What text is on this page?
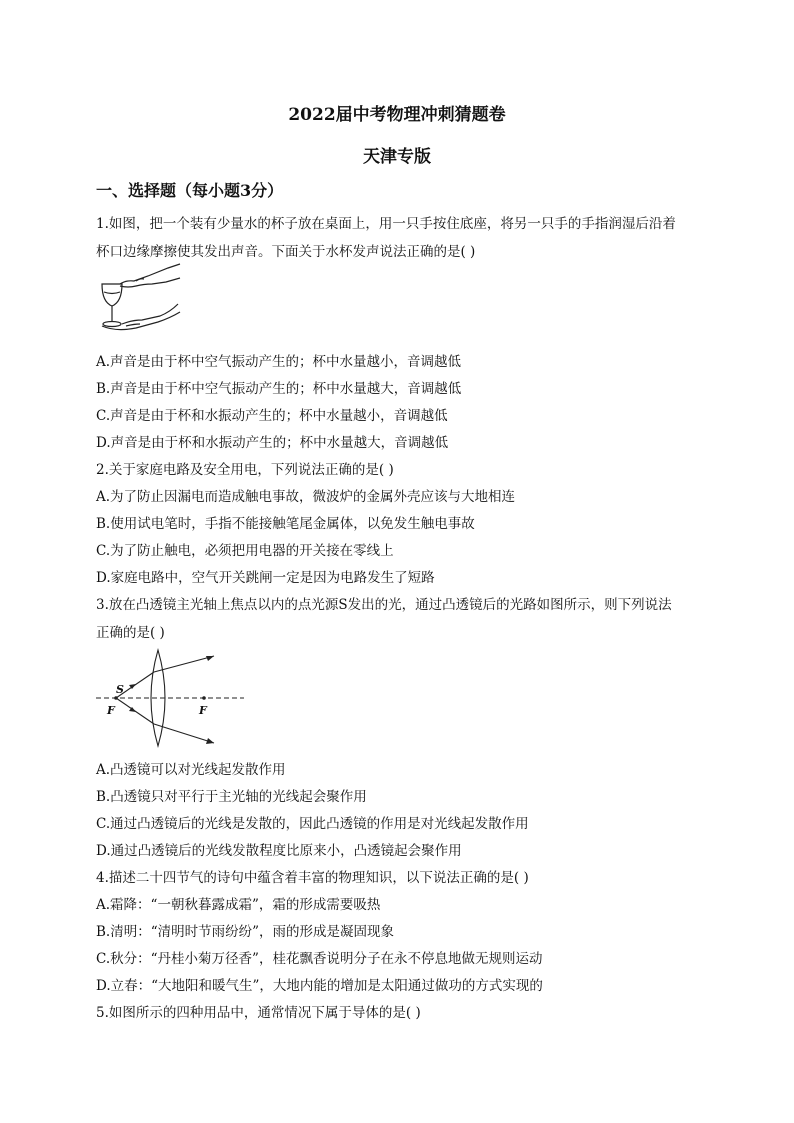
2022届中考物理冲刺猜题卷
天津专版
一、选择题（每小题3分）
1.如图，把一个装有少量水的杯子放在桌面上，用一只手按住底座，将另一只手的手指润湿后沿着
杯口边缘摩擦使其发出声音。下面关于水杯发声说法正确的是( )
A.声音是由于杯中空气振动产生的；杯中水量越小，音调越低
B.声音是由于杯中空气振动产生的；杯中水量越大，音调越低
C.声音是由于杯和水振动产生的；杯中水量越小，音调越低
D.声音是由于杯和水振动产生的；杯中水量越大，音调越低
2.关于家庭电路及安全用电，下列说法正确的是( )
A.为了防止因漏电而造成触电事故，微波炉的金属外壳应该与大地相连
B.使用试电笔时，手指不能接触笔尾金属体，以免发生触电事故
C.为了防止触电，必须把用电器的开关接在零线上
D.家庭电路中，空气开关跳闸一定是因为电路发生了短路
3.放在凸透镜主光轴上焦点以内的点光源S发出的光，通过凸透镜后的光路如图所示，则下列说法
正确的是( )
S
F	F
A.凸透镜可以对光线起发散作用
B.凸透镜只对平行于主光轴的光线起会聚作用
C.通过凸透镜后的光线是发散的，因此凸透镜的作用是对光线起发散作用
D.通过凸透镜后的光线发散程度比原来小，凸透镜起会聚作用
4.描述二十四节气的诗句中蕴含着丰富的物理知识，以下说法正确的是( )
A.霜降：“一朝秋暮露成霜”，霜的形成需要吸热
B.清明：“清明时节雨纷纷”，雨的形成是凝固现象
C.秋分：“丹桂小菊万径香”，桂花飘香说明分子在永不停息地做无规则运动
D.立春：“大地阳和暖气生”，大地内能的增加是太阳通过做功的方式实现的
5.如图所示的四种用品中，通常情况下属于导体的是( )
